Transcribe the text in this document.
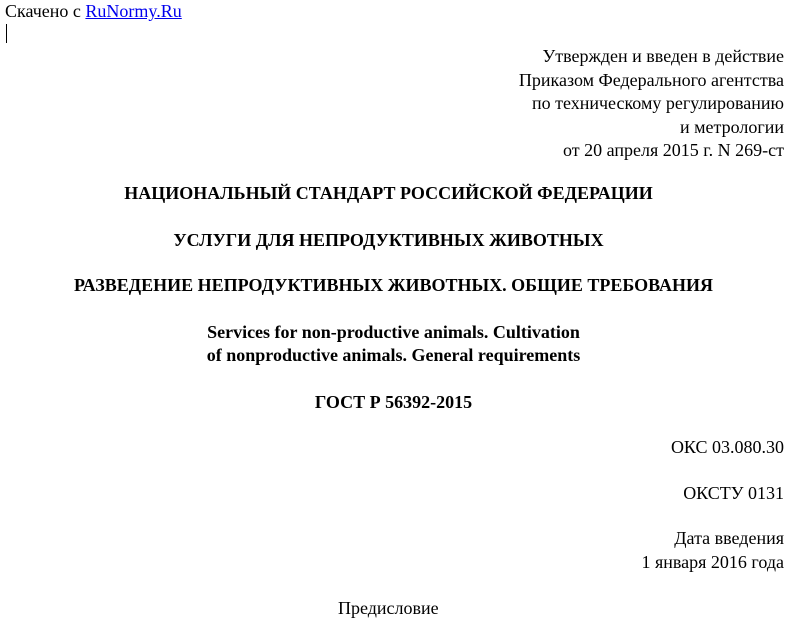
Скачено с RuNormy.Ru
Утвержден и введен в действие
Приказом Федерального агентства
по техническому регулированию
и метрологии
от 20 апреля 2015 г. N 269-ст
НАЦИОНАЛЬНЫЙ СТАНДАРТ РОССИЙСКОЙ ФЕДЕРАЦИИ
УСЛУГИ ДЛЯ НЕПРОДУКТИВНЫХ ЖИВОТНЫХ
РАЗВЕДЕНИЕ НЕПРОДУКТИВНЫХ ЖИВОТНЫХ. ОБЩИЕ ТРЕБОВАНИЯ
Services for non-productive animals. Cultivation
of nonproductive animals. General requirements
ГОСТ Р 56392-2015
ОКС 03.080.30
ОКСТУ 0131
Дата введения
1 января 2016 года
Предисловие
